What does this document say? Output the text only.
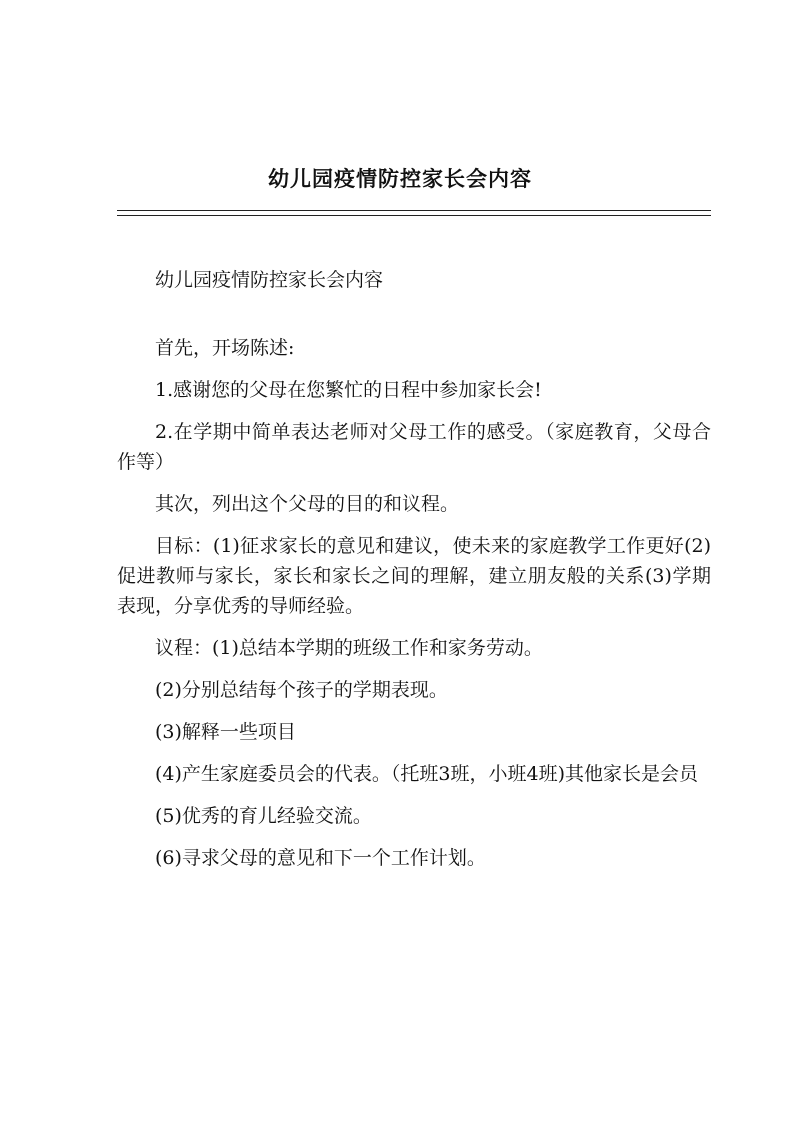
幼儿园疫情防控家长会内容

幼儿园疫情防控家长会内容

首先，开场陈述:

1.感谢您的父母在您繁忙的日程中参加家长会!

2.在学期中简单表达老师对父母工作的感受。（家庭教育，父母合作等）

其次，列出这个父母的目的和议程。

目标：(1)征求家长的意见和建议，使未来的家庭教学工作更好(2)促进教师与家长，家长和家长之间的理解，建立朋友般的关系(3)学期表现，分享优秀的导师经验。

议程：(1)总结本学期的班级工作和家务劳动。

(2)分别总结每个孩子的学期表现。

(3)解释一些项目

(4)产生家庭委员会的代表。（托班3班，小班4班)其他家长是会员

(5)优秀的育儿经验交流。

(6)寻求父母的意见和下一个工作计划。
